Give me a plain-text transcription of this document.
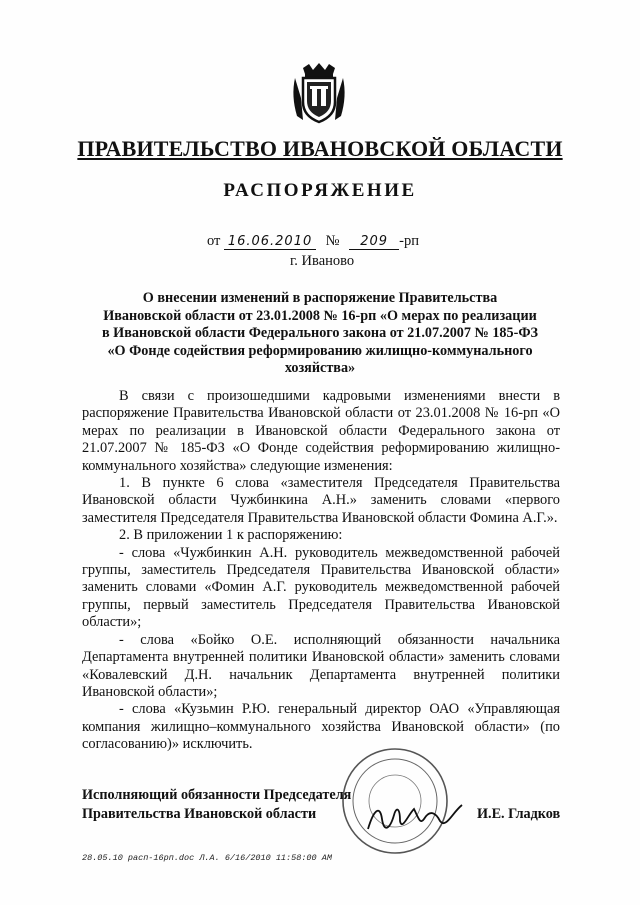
ПРАВИТЕЛЬСТВО ИВАНОВСКОЙ ОБЛАСТИ
РАСПОРЯЖЕНИЕ
от 16.06.2010 № 209 -рп
г. Иваново
О внесении изменений в распоряжение Правительства
Ивановской области от 23.01.2008 № 16-рп «О мерах по реализации
в Ивановской области Федерального закона от 21.07.2007 № 185-ФЗ
«О Фонде содействия реформированию жилищно-коммунального
хозяйства»

В связи с произошедшими кадровыми изменениями внести в распоряжение Правительства Ивановской области от 23.01.2008 № 16-рп «О мерах по реализации в Ивановской области Федерального закона от 21.07.2007 № 185-ФЗ «О Фонде содействия реформированию жилищно-коммунального хозяйства» следующие изменения:

1. В пункте 6 слова «заместителя Председателя Правительства Ивановской области Чужбинкина А.Н.» заменить словами «первого заместителя Председателя Правительства Ивановской области Фомина А.Г.».

2. В приложении 1 к распоряжению:

- слова «Чужбинкин А.Н. руководитель межведомственной рабочей группы, заместитель Председателя Правительства Ивановской области» заменить словами «Фомин А.Г. руководитель межведомственной рабочей группы, первый заместитель Председателя Правительства Ивановской области»;

- слова «Бойко О.Е. исполняющий обязанности начальника Департамента внутренней политики Ивановской области» заменить словами «Ковалевский Д.Н. начальник Департамента внутренней политики Ивановской области»;

- слова «Кузьмин Р.Ю. генеральный директор ОАО «Управляющая компания жилищно–коммунального хозяйства Ивановской области» (по согласованию)» исключить.

Исполняющий обязанности Председателя
Правительства Ивановской области	И.Е. Гладков
28.05.10 расп-16рп.doc Л.А. 6/16/2010 11:58:00 AM
